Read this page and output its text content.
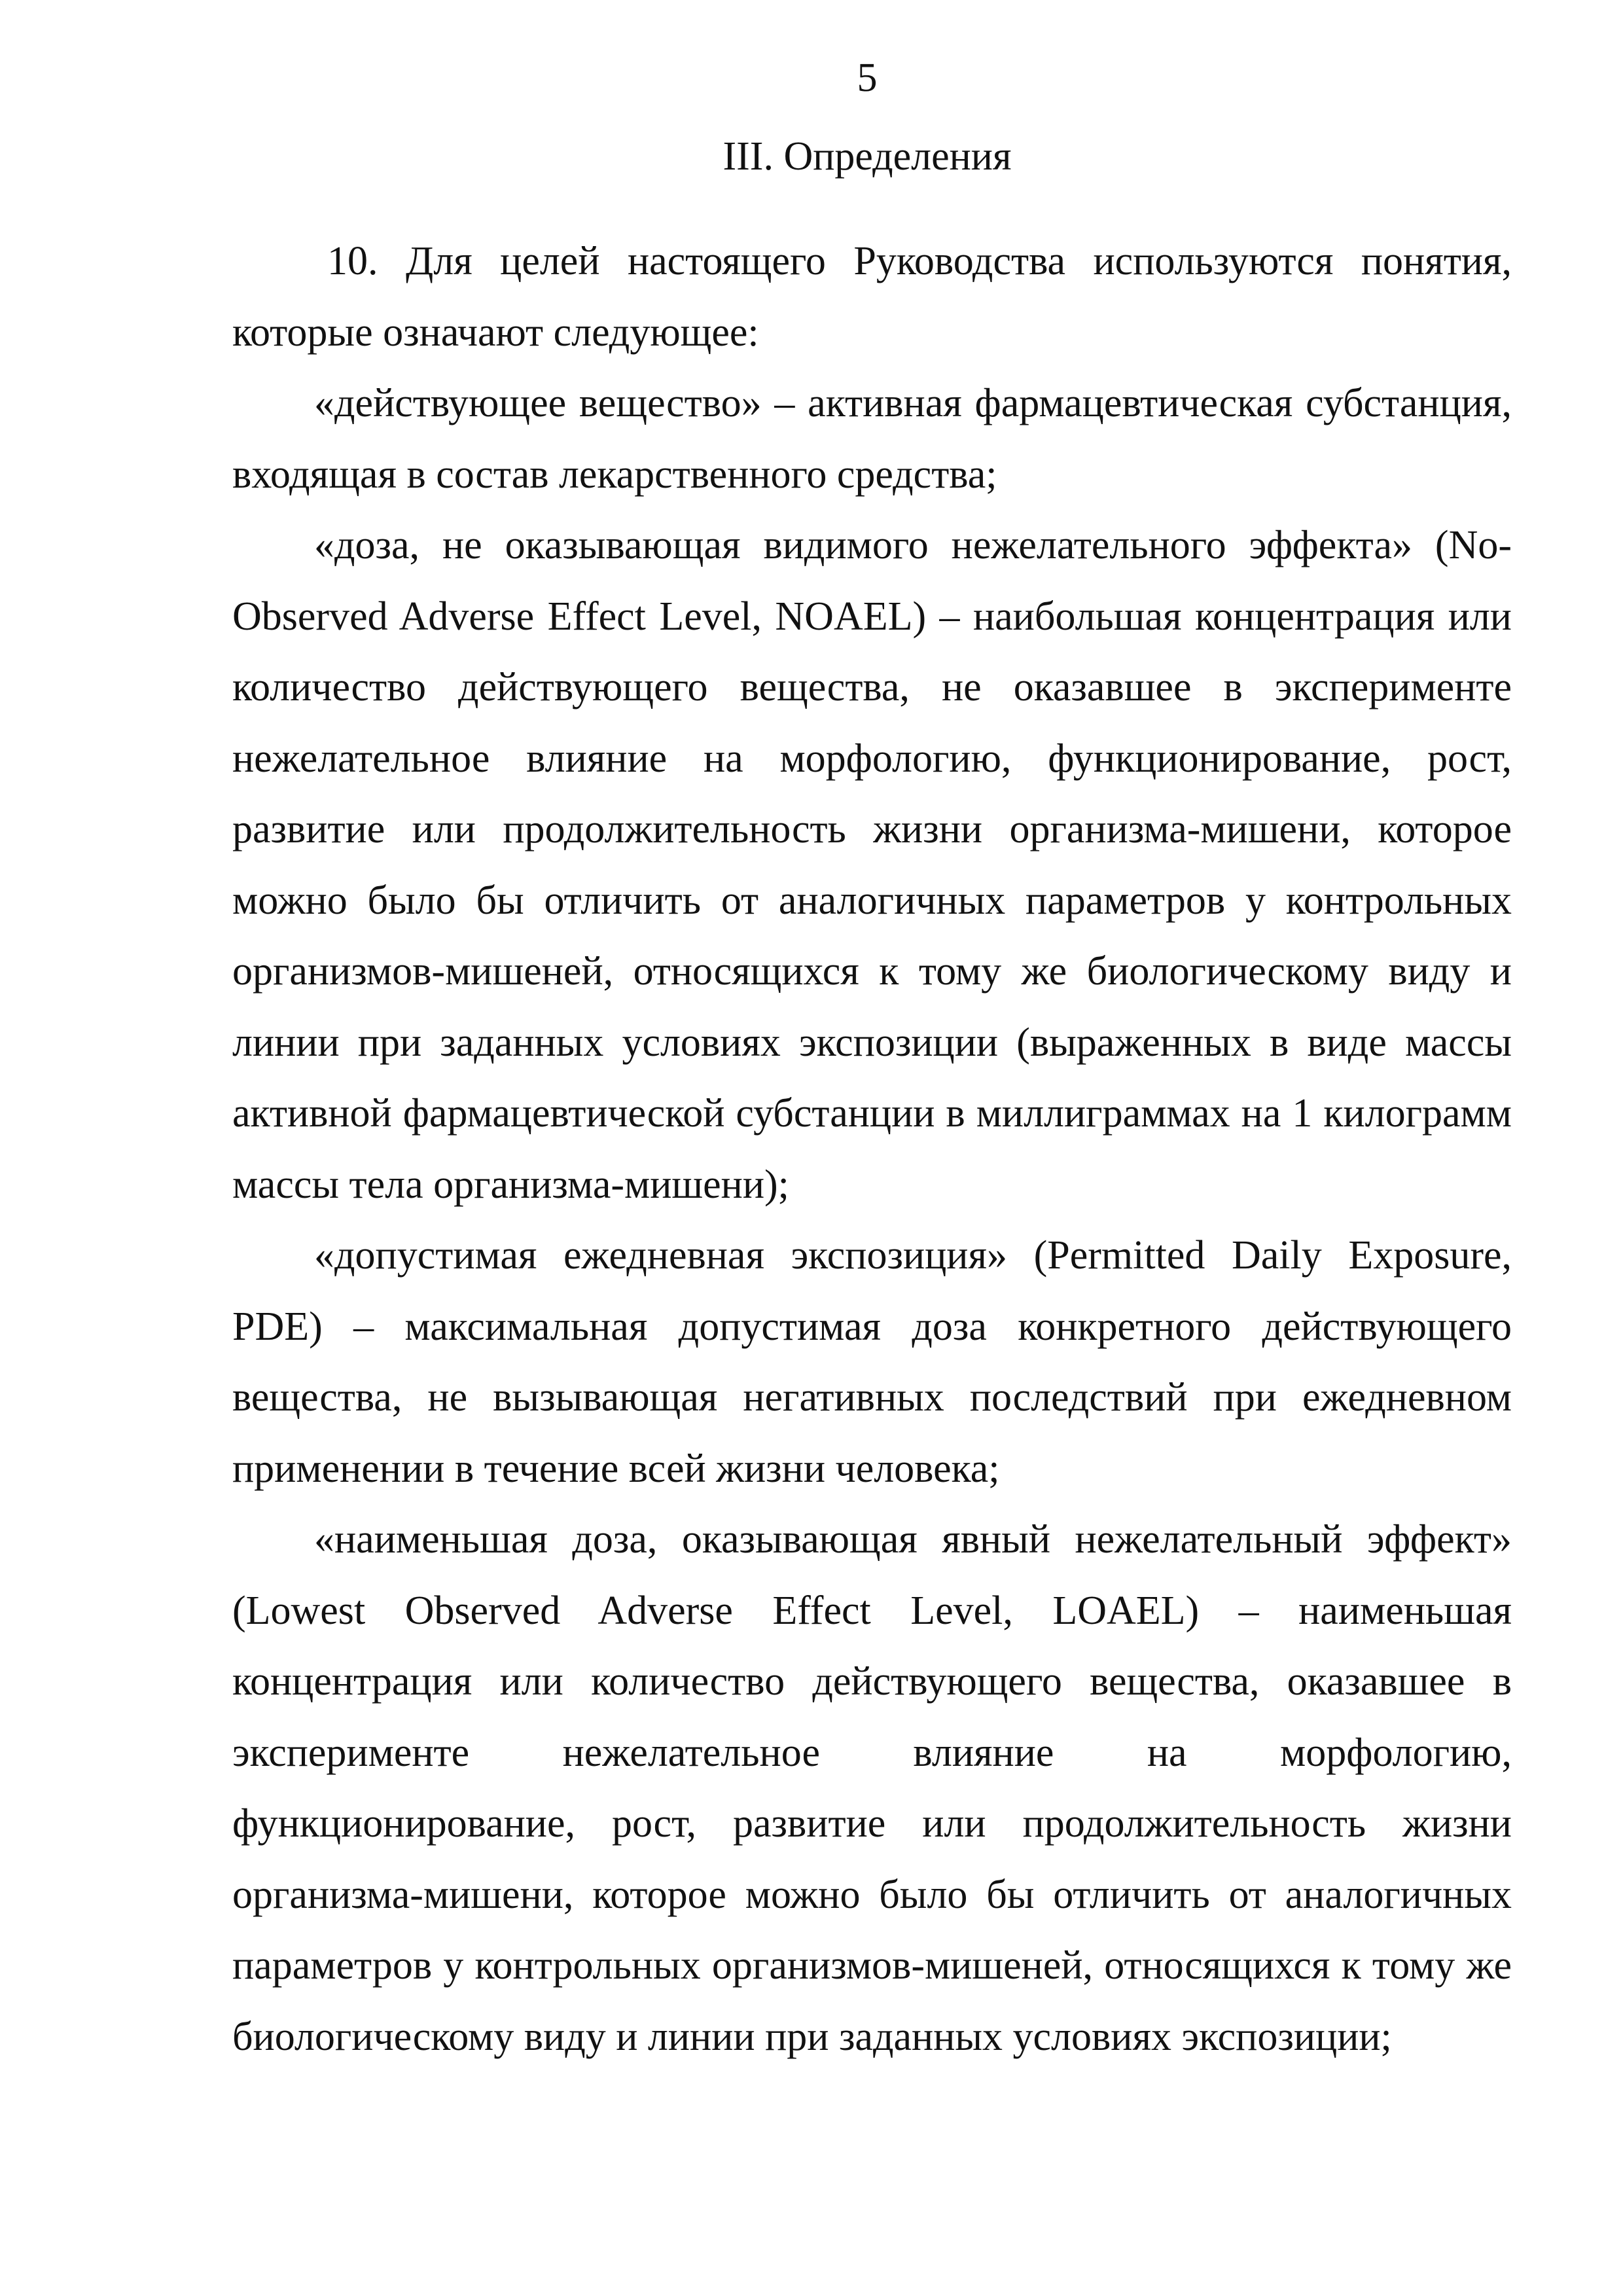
5
III. Определения

10. Для целей настоящего Руководства используются понятия, которые означают следующее:

«действующее вещество» – активная фармацевтическая субстанция, входящая в состав лекарственного средства;

«доза, не оказывающая видимого нежелательного эффекта» (No-Observed Adverse Effect Level, NOAEL) – наибольшая концентрация или количество действующего вещества, не оказавшее в эксперименте нежелательное влияние на морфологию, функционирование, рост, развитие или продолжительность жизни организма-мишени, которое можно было бы отличить от аналогичных параметров у контрольных организмов-мишеней, относящихся к тому же биологическому виду и линии при заданных условиях экспозиции (выраженных в виде массы активной фармацевтической субстанции в миллиграммах на 1 килограмм массы тела организма-мишени);

«допустимая ежедневная экспозиция» (Permitted Daily Exposure, PDE) – максимальная допустимая доза конкретного действующего вещества, не вызывающая негативных последствий при ежедневном применении в течение всей жизни человека;

«наименьшая доза, оказывающая явный нежелательный эффект» (Lowest Observed Adverse Effect Level, LOAEL) – наименьшая концентрация или количество действующего вещества, оказавшее в эксперименте нежелательное влияние на морфологию, функционирование, рост, развитие или продолжительность жизни организма-мишени, которое можно было бы отличить от аналогичных параметров у контрольных организмов-мишеней, относящихся к тому же биологическому виду и линии при заданных условиях экспозиции;
